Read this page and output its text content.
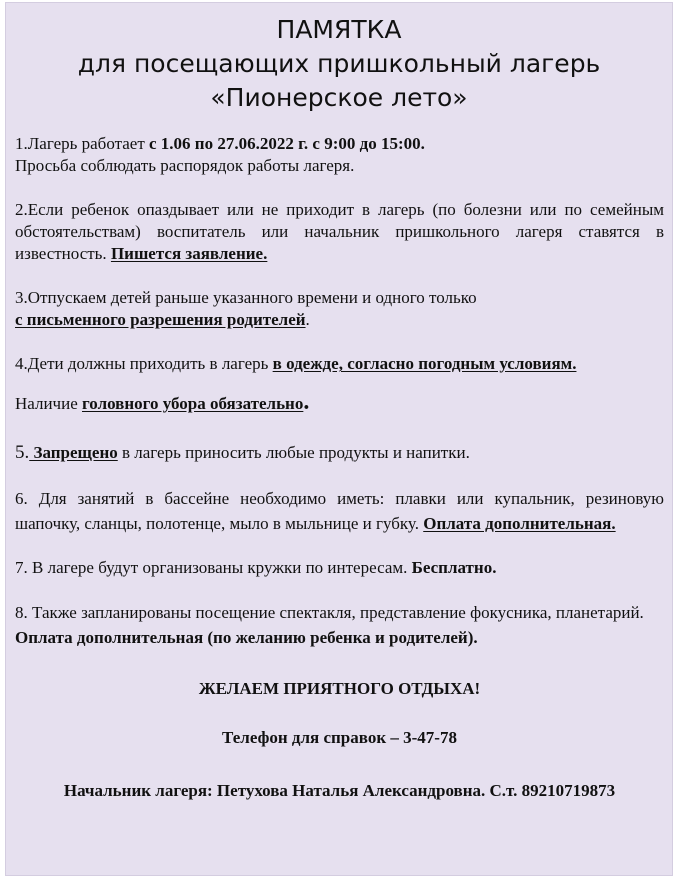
ПАМЯТКА
для посещающих пришкольный лагерь
«Пионерское лето»

1.Лагерь работает с 1.06 по 27.06.2022 г. с 9:00 до 15:00.
Просьба соблюдать распорядок работы лагеря.

2.Если ребенок опаздывает или не приходит в лагерь (по болезни или по семейным обстоятельствам) воспитатель или начальник пришкольного лагеря ставятся в известность. Пишется заявление.

3.Отпускаем детей раньше указанного времени и одного только
с письменного разрешения родителей.

4.Дети должны приходить в лагерь в одежде, согласно погодным условиям.

Наличие головного убора обязательно.

5. Запрещено в лагерь приносить любые продукты и напитки.

6. Для занятий в бассейне необходимо иметь: плавки или купальник, резиновую шапочку, сланцы, полотенце, мыло в мыльнице и губку. Оплата дополнительная.

7. В лагере будут организованы кружки по интересам. Бесплатно.

8. Также запланированы посещение спектакля, представление фокусника, планетарий. Оплата дополнительная (по желанию ребенка и родителей).

ЖЕЛАЕМ ПРИЯТНОГО ОТДЫХА!

Телефон для справок – 3-47-78

Начальник лагеря: Петухова Наталья Александровна. С.т. 89210719873
